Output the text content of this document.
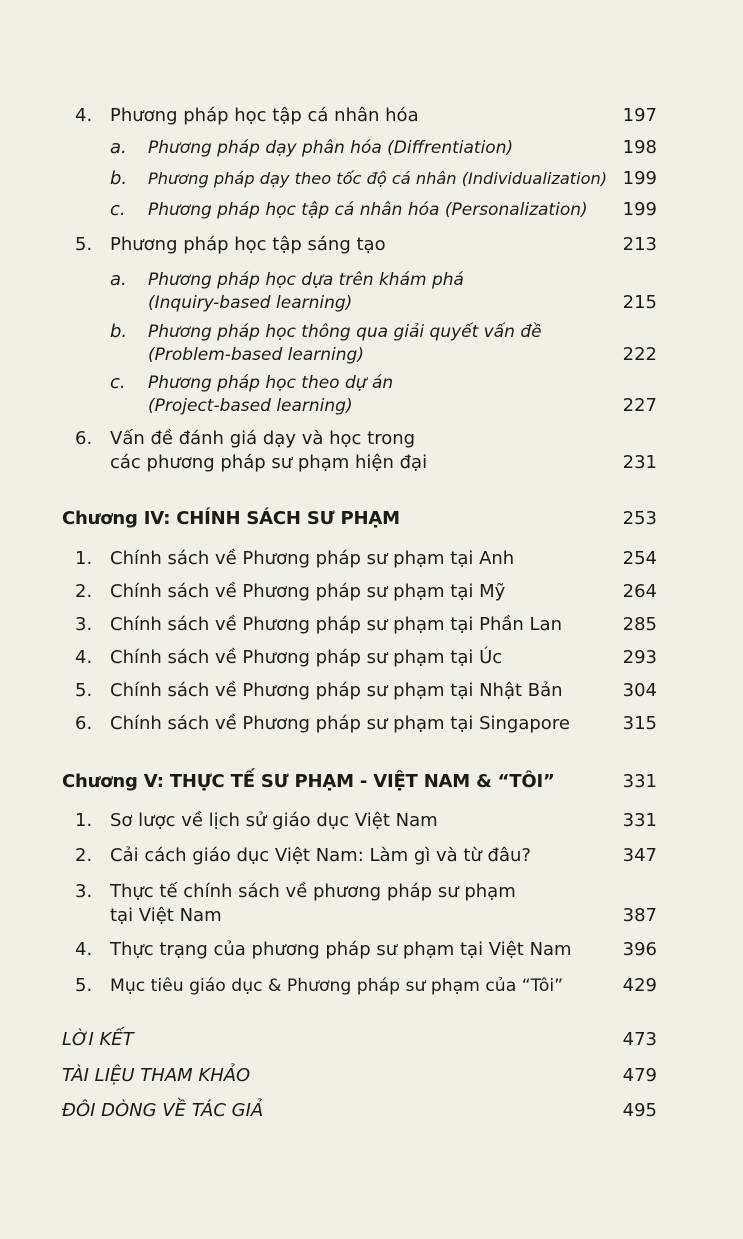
4. Phương pháp học tập cá nhân hóa	197
a. Phương pháp dạy phân hóa (Diffrentiation)	198
b. Phương pháp dạy theo tốc độ cá nhân (Individualization) 199
c. Phương pháp học tập cá nhân hóa (Personalization) 199
5. Phương pháp học tập sáng tạo	213
a. Phương pháp học dựa trên khám phá
(Inquiry-based learning)	215
b. Phương pháp học thông qua giải quyết vấn đề
(Problem-based learning)	222
c. Phương pháp học theo dự án
(Project-based learning)	227
6. Vấn đề đánh giá dạy và học trong
các phương pháp sư phạm hiện đại	231
Chương IV: CHÍNH SÁCH SƯ PHẠM	253
1. Chính sách về Phương pháp sư phạm tại Anh	254
2. Chính sách về Phương pháp sư phạm tại Mỹ	264
3. Chính sách về Phương pháp sư phạm tại Phần Lan	285
4. Chính sách về Phương pháp sư phạm tại Úc	293
5. Chính sách về Phương pháp sư phạm tại Nhật Bản	304
6. Chính sách về Phương pháp sư phạm tại Singapore	315
Chương V: THỰC TẾ SƯ PHẠM - VIỆT NAM & “TÔI”	331
1. Sơ lược về lịch sử giáo dục Việt Nam	331
2. Cải cách giáo dục Việt Nam: Làm gì và từ đâu?	347
3. Thực tế chính sách về phương pháp sư phạm
tại Việt Nam	387
4. Thực trạng của phương pháp sư phạm tại Việt Nam	396
5. Mục tiêu giáo dục & Phương pháp sư phạm của “Tôi”	429
LỜI KẾT	473
TÀI LIỆU THAM KHẢO	479
ĐÔI DÒNG VỀ TÁC GIẢ	495
